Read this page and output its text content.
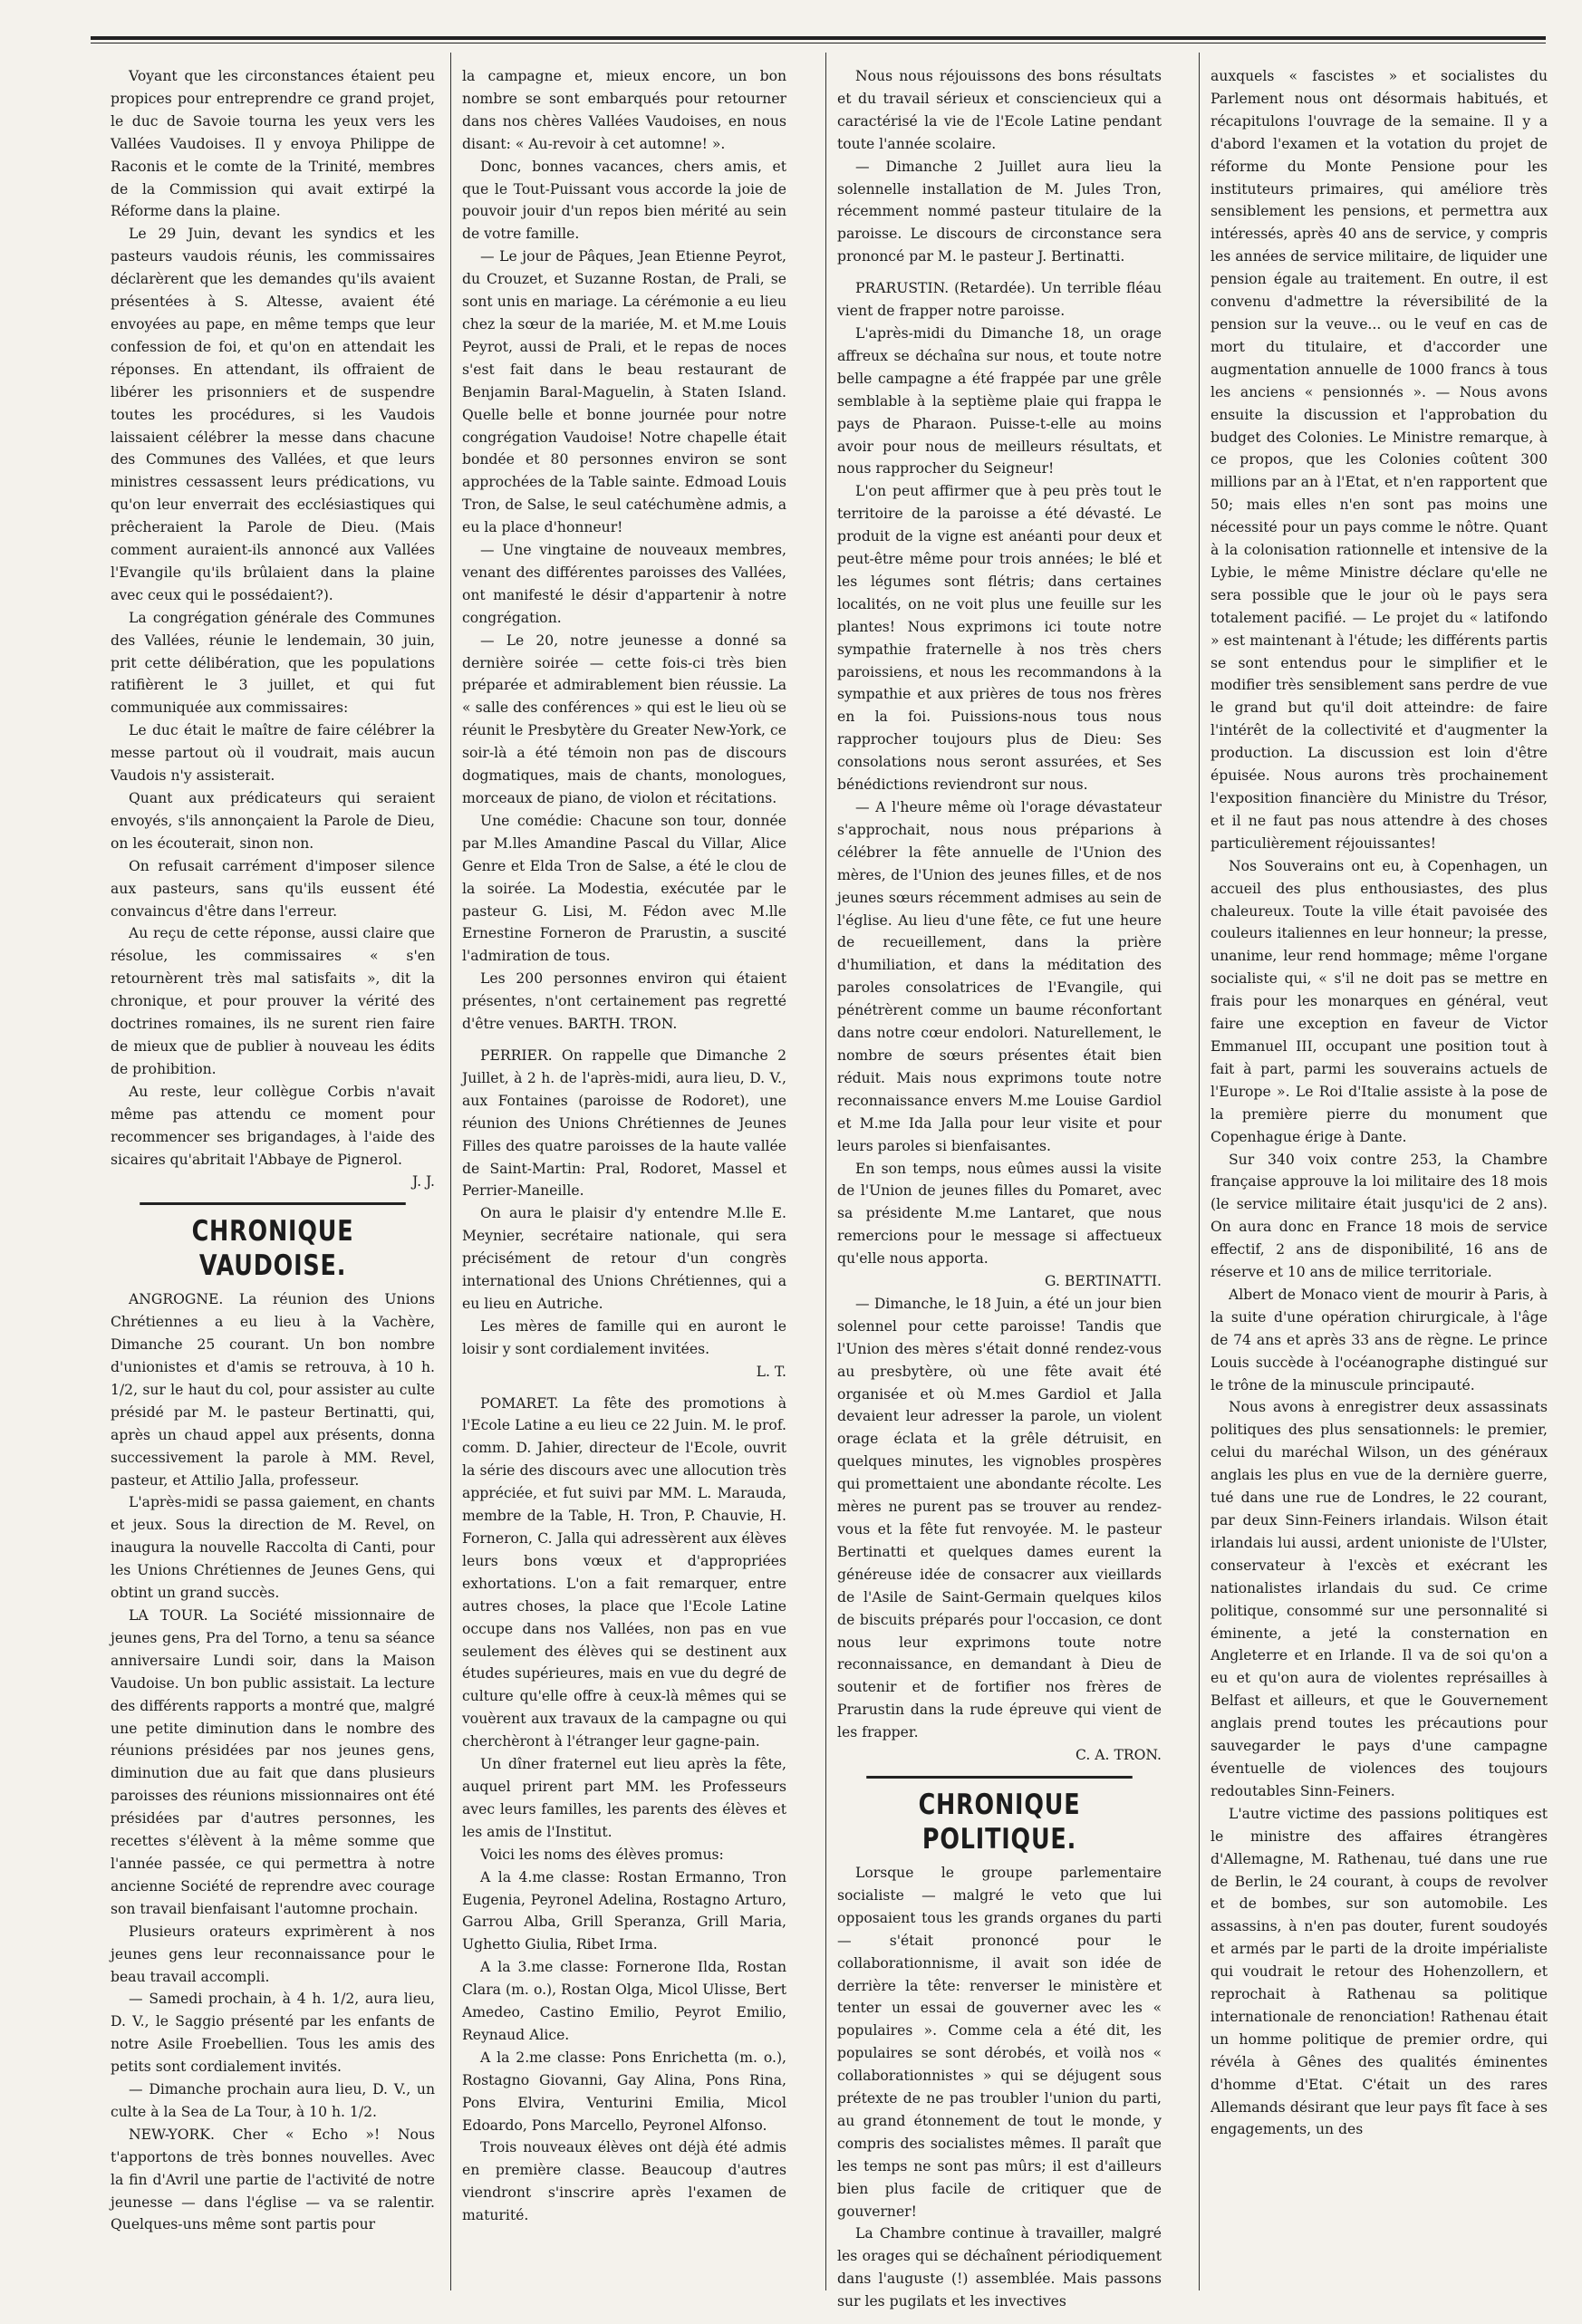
Voyant que les circonstances étaient peu propices pour entreprendre ce grand projet, le duc de Savoie tourna les yeux vers les Vallées Vaudoises. Il y envoya Philippe de Raconis et le comte de la Trinité, membres de la Commission qui avait extirpé la Réforme dans la plaine.

Le 29 Juin, devant les syndics et les pasteurs vaudois réunis, les commissaires déclarèrent que les demandes qu'ils avaient présentées à S. Altesse, avaient été envoyées au pape, en même temps que leur confession de foi, et qu'on en attendait les réponses. En attendant, ils offraient de libérer les prisonniers et de suspendre toutes les procédures, si les Vaudois laissaient célébrer la messe dans chacune des Communes des Vallées, et que leurs ministres cessassent leurs prédications, vu qu'on leur enverrait des ecclésiastiques qui prêcheraient la Parole de Dieu. (Mais comment auraient-ils annoncé aux Vallées l'Evangile qu'ils brûlaient dans la plaine avec ceux qui le possédaient?).

La congrégation générale des Communes des Vallées, réunie le lendemain, 30 juin, prit cette délibération, que les populations ratifièrent le 3 juillet, et qui fut communiquée aux commissaires:

Le duc était le maître de faire célébrer la messe partout où il voudrait, mais aucun Vaudois n'y assisterait.

Quant aux prédicateurs qui seraient envoyés, s'ils annonçaient la Parole de Dieu, on les écouterait, sinon non.

On refusait carrément d'imposer silence aux pasteurs, sans qu'ils eussent été convaincus d'être dans l'erreur.

Au reçu de cette réponse, aussi claire que résolue, les commissaires « s'en retournèrent très mal satisfaits », dit la chronique, et pour prouver la vérité des doctrines romaines, ils ne surent rien faire de mieux que de publier à nouveau les édits de prohibition.

Au reste, leur collègue Corbis n'avait même pas attendu ce moment pour recommencer ses brigandages, à l'aide des sicaires qu'abritait l'Abbaye de Pignerol.

J. J.

CHRONIQUE VAUDOISE.

ANGROGNE. La réunion des Unions Chrétiennes a eu lieu à la Vachère, Dimanche 25 courant. Un bon nombre d'unionistes et d'amis se retrouva, à 10 h. 1/2, sur le haut du col, pour assister au culte présidé par M. le pasteur Bertinatti, qui, après un chaud appel aux présents, donna successivement la parole à MM. Revel, pasteur, et Attilio Jalla, professeur.

L'après-midi se passa gaiement, en chants et jeux. Sous la direction de M. Revel, on inaugura la nouvelle Raccolta di Canti, pour les Unions Chrétiennes de Jeunes Gens, qui obtint un grand succès.

LA TOUR. La Société missionnaire de jeunes gens, Pra del Torno, a tenu sa séance anniversaire Lundi soir, dans la Maison Vaudoise. Un bon public assistait. La lecture des différents rapports a montré que, malgré une petite diminution dans le nombre des réunions présidées par nos jeunes gens, diminution due au fait que dans plusieurs paroisses des réunions missionnaires ont été présidées par d'autres personnes, les recettes s'élèvent à la même somme que l'année passée, ce qui permettra à notre ancienne Société de reprendre avec courage son travail bienfaisant l'automne prochain.

Plusieurs orateurs exprimèrent à nos jeunes gens leur reconnaissance pour le beau travail accompli.

— Samedi prochain, à 4 h. 1/2, aura lieu, D. V., le Saggio présenté par les enfants de notre Asile Froebellien. Tous les amis des petits sont cordialement invités.

— Dimanche prochain aura lieu, D. V., un culte à la Sea de La Tour, à 10 h. 1/2.

NEW-YORK. Cher « Echo »! Nous t'apportons de très bonnes nouvelles. Avec la fin d'Avril une partie de l'activité de notre jeunesse — dans l'église — va se ralentir. Quelques-uns même sont partis pour

la campagne et, mieux encore, un bon nombre se sont embarqués pour retourner dans nos chères Vallées Vaudoises, en nous disant: « Au-revoir à cet automne! ».

Donc, bonnes vacances, chers amis, et que le Tout-Puissant vous accorde la joie de pouvoir jouir d'un repos bien mérité au sein de votre famille.

— Le jour de Pâques, Jean Etienne Peyrot, du Crouzet, et Suzanne Rostan, de Prali, se sont unis en mariage. La cérémonie a eu lieu chez la sœur de la mariée, M. et M.me Louis Peyrot, aussi de Prali, et le repas de noces s'est fait dans le beau restaurant de Benjamin Baral-Maguelin, à Staten Island. Quelle belle et bonne journée pour notre congrégation Vaudoise! Notre chapelle était bondée et 80 personnes environ se sont approchées de la Table sainte. Edmoad Louis Tron, de Salse, le seul catéchumène admis, a eu la place d'honneur!

— Une vingtaine de nouveaux membres, venant des différentes paroisses des Vallées, ont manifesté le désir d'appartenir à notre congrégation.

— Le 20, notre jeunesse a donné sa dernière soirée — cette fois-ci très bien préparée et admirablement bien réussie. La « salle des conférences » qui est le lieu où se réunit le Presbytère du Greater New-York, ce soir-là a été témoin non pas de discours dogmatiques, mais de chants, monologues, morceaux de piano, de violon et récitations.

Une comédie: Chacune son tour, donnée par M.lles Amandine Pascal du Villar, Alice Genre et Elda Tron de Salse, a été le clou de la soirée. La Modestia, exécutée par le pasteur G. Lisi, M. Fédon avec M.lle Ernestine Forneron de Prarustin, a suscité l'admiration de tous.

Les 200 personnes environ qui étaient présentes, n'ont certainement pas regretté d'être venues. BARTH. TRON.

PERRIER. On rappelle que Dimanche 2 Juillet, à 2 h. de l'après-midi, aura lieu, D. V., aux Fontaines (paroisse de Rodoret), une réunion des Unions Chrétiennes de Jeunes Filles des quatre paroisses de la haute vallée de Saint-Martin: Pral, Rodoret, Massel et Perrier-Maneille.

On aura le plaisir d'y entendre M.lle E. Meynier, secrétaire nationale, qui sera précisément de retour d'un congrès international des Unions Chrétiennes, qui a eu lieu en Autriche.

Les mères de famille qui en auront le loisir y sont cordialement invitées.

L. T.

POMARET. La fête des promotions à l'Ecole Latine a eu lieu ce 22 Juin. M. le prof. comm. D. Jahier, directeur de l'Ecole, ouvrit la série des discours avec une allocution très appréciée, et fut suivi par MM. L. Marauda, membre de la Table, H. Tron, P. Chauvie, H. Forneron, C. Jalla qui adressèrent aux élèves leurs bons vœux et d'appropriées exhortations. L'on a fait remarquer, entre autres choses, la place que l'Ecole Latine occupe dans nos Vallées, non pas en vue seulement des élèves qui se destinent aux études supérieures, mais en vue du degré de culture qu'elle offre à ceux-là mêmes qui se vouèrent aux travaux de la campagne ou qui cherchèront à l'étranger leur gagne-pain.

Un dîner fraternel eut lieu après la fête, auquel prirent part MM. les Professeurs avec leurs familles, les parents des élèves et les amis de l'Institut.

Voici les noms des élèves promus:

A la 4.me classe: Rostan Ermanno, Tron Eugenia, Peyronel Adelina, Rostagno Arturo, Garrou Alba, Grill Speranza, Grill Maria, Ughetto Giulia, Ribet Irma.

A la 3.me classe: Fornerone Ilda, Rostan Clara (m. o.), Rostan Olga, Micol Ulisse, Bert Amedeo, Castino Emilio, Peyrot Emilio, Reynaud Alice.

A la 2.me classe: Pons Enrichetta (m. o.), Rostagno Giovanni, Gay Alina, Pons Rina, Pons Elvira, Venturini Emilia, Micol Edoardo, Pons Marcello, Peyronel Alfonso.

Trois nouveaux élèves ont déjà été admis en première classe. Beaucoup d'autres viendront s'inscrire après l'examen de maturité.

Nous nous réjouissons des bons résultats et du travail sérieux et consciencieux qui a caractérisé la vie de l'Ecole Latine pendant toute l'année scolaire.

— Dimanche 2 Juillet aura lieu la solennelle installation de M. Jules Tron, récemment nommé pasteur titulaire de la paroisse. Le discours de circonstance sera prononcé par M. le pasteur J. Bertinatti.

PRARUSTIN. (Retardée). Un terrible fléau vient de frapper notre paroisse.

L'après-midi du Dimanche 18, un orage affreux se déchaîna sur nous, et toute notre belle campagne a été frappée par une grêle semblable à la septième plaie qui frappa le pays de Pharaon. Puisse-t-elle au moins avoir pour nous de meilleurs résultats, et nous rapprocher du Seigneur!

L'on peut affirmer que à peu près tout le territoire de la paroisse a été dévasté. Le produit de la vigne est anéanti pour deux et peut-être même pour trois années; le blé et les légumes sont flétris; dans certaines localités, on ne voit plus une feuille sur les plantes! Nous exprimons ici toute notre sympathie fraternelle à nos très chers paroissiens, et nous les recommandons à la sympathie et aux prières de tous nos frères en la foi. Puissions-nous tous nous rapprocher toujours plus de Dieu: Ses consolations nous seront assurées, et Ses bénédictions reviendront sur nous.

— A l'heure même où l'orage dévastateur s'approchait, nous nous préparions à célébrer la fête annuelle de l'Union des mères, de l'Union des jeunes filles, et de nos jeunes sœurs récemment admises au sein de l'église. Au lieu d'une fête, ce fut une heure de recueillement, dans la prière d'humiliation, et dans la méditation des paroles consolatrices de l'Evangile, qui pénétrèrent comme un baume réconfortant dans notre cœur endolori. Naturellement, le nombre de sœurs présentes était bien réduit. Mais nous exprimons toute notre reconnaissance envers M.me Louise Gardiol et M.me Ida Jalla pour leur visite et pour leurs paroles si bienfaisantes.

En son temps, nous eûmes aussi la visite de l'Union de jeunes filles du Pomaret, avec sa présidente M.me Lantaret, que nous remercions pour le message si affectueux qu'elle nous apporta.

G. BERTINATTI.

— Dimanche, le 18 Juin, a été un jour bien solennel pour cette paroisse! Tandis que l'Union des mères s'était donné rendez-vous au presbytère, où une fête avait été organisée et où M.mes Gardiol et Jalla devaient leur adresser la parole, un violent orage éclata et la grêle détruisit, en quelques minutes, les vignobles prospères qui promettaient une abondante récolte. Les mères ne purent pas se trouver au rendez-vous et la fête fut renvoyée. M. le pasteur Bertinatti et quelques dames eurent la généreuse idée de consacrer aux vieillards de l'Asile de Saint-Germain quelques kilos de biscuits préparés pour l'occasion, ce dont nous leur exprimons toute notre reconnaissance, en demandant à Dieu de soutenir et de fortifier nos frères de Prarustin dans la rude épreuve qui vient de les frapper.

C. A. TRON.

CHRONIQUE POLITIQUE.

Lorsque le groupe parlementaire socialiste — malgré le veto que lui opposaient tous les grands organes du parti — s'était prononcé pour le collaborationnisme, il avait son idée de derrière la tête: renverser le ministère et tenter un essai de gouverner avec les « populaires ». Comme cela a été dit, les populaires se sont dérobés, et voilà nos « collaborationnistes » qui se déjugent sous prétexte de ne pas troubler l'union du parti, au grand étonnement de tout le monde, y compris des socialistes mêmes. Il paraît que les temps ne sont pas mûrs; il est d'ailleurs bien plus facile de critiquer que de gouverner!

La Chambre continue à travailler, malgré les orages qui se déchaînent périodiquement dans l'auguste (!) assemblée. Mais passons sur les pugilats et les invectives

auxquels « fascistes » et socialistes du Parlement nous ont désormais habitués, et récapitulons l'ouvrage de la semaine. Il y a d'abord l'examen et la votation du projet de réforme du Monte Pensione pour les instituteurs primaires, qui améliore très sensiblement les pensions, et permettra aux intéressés, après 40 ans de service, y compris les années de service militaire, de liquider une pension égale au traitement. En outre, il est convenu d'admettre la réversibilité de la pension sur la veuve... ou le veuf en cas de mort du titulaire, et d'accorder une augmentation annuelle de 1000 francs à tous les anciens « pensionnés ». — Nous avons ensuite la discussion et l'approbation du budget des Colonies. Le Ministre remarque, à ce propos, que les Colonies coûtent 300 millions par an à l'Etat, et n'en rapportent que 50; mais elles n'en sont pas moins une nécessité pour un pays comme le nôtre. Quant à la colonisation rationnelle et intensive de la Lybie, le même Ministre déclare qu'elle ne sera possible que le jour où le pays sera totalement pacifié. — Le projet du « latifondo » est maintenant à l'étude; les différents partis se sont entendus pour le simplifier et le modifier très sensiblement sans perdre de vue le grand but qu'il doit atteindre: de faire l'intérêt de la collectivité et d'augmenter la production. La discussion est loin d'être épuisée. Nous aurons très prochainement l'exposition financière du Ministre du Trésor, et il ne faut pas nous attendre à des choses particulièrement réjouissantes!

Nos Souverains ont eu, à Copenhagen, un accueil des plus enthousiastes, des plus chaleureux. Toute la ville était pavoisée des couleurs italiennes en leur honneur; la presse, unanime, leur rend hommage; même l'organe socialiste qui, « s'il ne doit pas se mettre en frais pour les monarques en général, veut faire une exception en faveur de Victor Emmanuel III, occupant une position tout à fait à part, parmi les souverains actuels de l'Europe ». Le Roi d'Italie assiste à la pose de la première pierre du monument que Copenhague érige à Dante.

Sur 340 voix contre 253, la Chambre française approuve la loi militaire des 18 mois (le service militaire était jusqu'ici de 2 ans). On aura donc en France 18 mois de service effectif, 2 ans de disponibilité, 16 ans de réserve et 10 ans de milice territoriale.

Albert de Monaco vient de mourir à Paris, à la suite d'une opération chirurgicale, à l'âge de 74 ans et après 33 ans de règne. Le prince Louis succède à l'océanographe distingué sur le trône de la minuscule principauté.

Nous avons à enregistrer deux assassinats politiques des plus sensationnels: le premier, celui du maréchal Wilson, un des généraux anglais les plus en vue de la dernière guerre, tué dans une rue de Londres, le 22 courant, par deux Sinn-Feiners irlandais. Wilson était irlandais lui aussi, ardent unioniste de l'Ulster, conservateur à l'excès et exécrant les nationalistes irlandais du sud. Ce crime politique, consommé sur une personnalité si éminente, a jeté la consternation en Angleterre et en Irlande. Il va de soi qu'on a eu et qu'on aura de violentes représailles à Belfast et ailleurs, et que le Gouvernement anglais prend toutes les précautions pour sauvegarder le pays d'une campagne éventuelle de violences des toujours redoutables Sinn-Feiners.

L'autre victime des passions politiques est le ministre des affaires étrangères d'Allemagne, M. Rathenau, tué dans une rue de Berlin, le 24 courant, à coups de revolver et de bombes, sur son automobile. Les assassins, à n'en pas douter, furent soudoyés et armés par le parti de la droite impérialiste qui voudrait le retour des Hohenzollern, et reprochait à Rathenau sa politique internationale de renonciation! Rathenau était un homme politique de premier ordre, qui révéla à Gênes des qualités éminentes d'homme d'Etat. C'était un des rares Allemands désirant que leur pays fît face à ses engagements, un des
